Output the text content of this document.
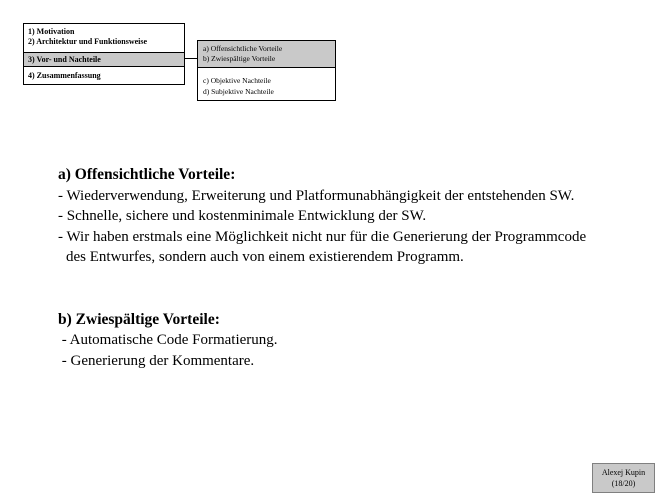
1) Motivation
2) Architektur und Funktionsweise
3) Vor- und Nachteile
4) Zusammenfassung
a) Offensichtliche Vorteile
b) Zwiespältige Vorteile
c) Objektive Nachteile
d) Subjektive Nachteile
a) Offensichtliche Vorteile:
- Wiederverwendung, Erweiterung und Platformunabhängigkeit der entstehenden SW.
- Schnelle, sichere und kostenminimale Entwicklung der SW.
- Wir haben erstmals eine Möglichkeit nicht nur für die Generierung der Programmcode
des Entwurfes, sondern auch von einem existierendem Programm.
b) Zwiespältige Vorteile:
- Automatische Code Formatierung.
- Generierung der Kommentare.
Alexej Kupin
(18/20)
